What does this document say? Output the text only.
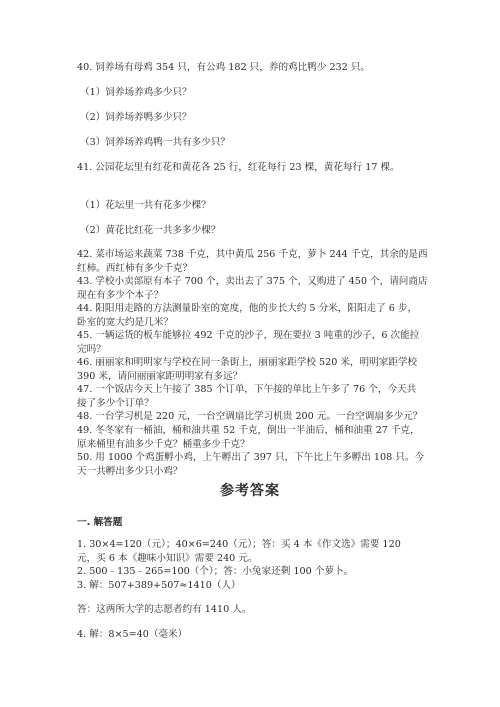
40. 饲养场有母鸡 354 只，有公鸡 182 只，养的鸡比鸭少 232 只。
（1）饲养场养鸡多少只？
（2）饲养场养鸭多少只？
（3）饲养场养鸡鸭一共有多少只？
41. 公园花坛里有红花和黄花各 25 行，红花每行 23 棵，黄花每行 17 棵。
（1）花坛里一共有花多少棵？
（2）黄花比红花一共多多少棵？
42. 菜市场运来蔬菜 738 千克，其中黄瓜 256 千克，萝卜 244 千克，其余的是西
红柿。西红柿有多少千克？
43. 学校小卖部原有本子 700 个，卖出去了 375 个，又购进了 450 个，请问商店
现在有多少个本子？
44. 阳阳用走路的方法测量卧室的宽度，他的步长大约 5 分米，阳阳走了 6 步，
卧室的宽大约是几米？
45. 一辆运货的板车能够拉 492 千克的沙子，现在要拉 3 吨重的沙子，6 次能拉
完吗？
46. 丽丽家和明明家与学校在同一条街上，丽丽家距学校 520 米，明明家距学校
390 米，请问丽丽家距明明家有多远？
47. 一个饭店今天上午接了 385 个订单，下午接的单比上午多了 76 个，今天共
接了多少个订单？
48. 一台学习机是 220 元，一台空调扇比学习机贵 200 元。一台空调扇多少元？
49. 冬冬家有一桶油，桶和油共重 52 千克，倒出一半油后，桶和油重 27 千克，
原来桶里有油多少千克？桶重多少千克？
50. 用 1000 个鸡蛋孵小鸡，上午孵出了 397 只，下午比上午多孵出 108 只。今
天一共孵出多少只小鸡？
参考答案
一. 解答题
1. 30×4=120（元）；40×6=240（元）；答：买 4 本《作文选》需要 120
元，买 6 本《趣味小知识》需要 240 元。
2. 500﹣135﹣265=100（个）；答：小兔家还剩 100 个萝卜。
3. 解：507+389+507≈1410（人）
答：这两所大学的志愿者约有 1410 人。
4. 解：8×5=40（毫米）
